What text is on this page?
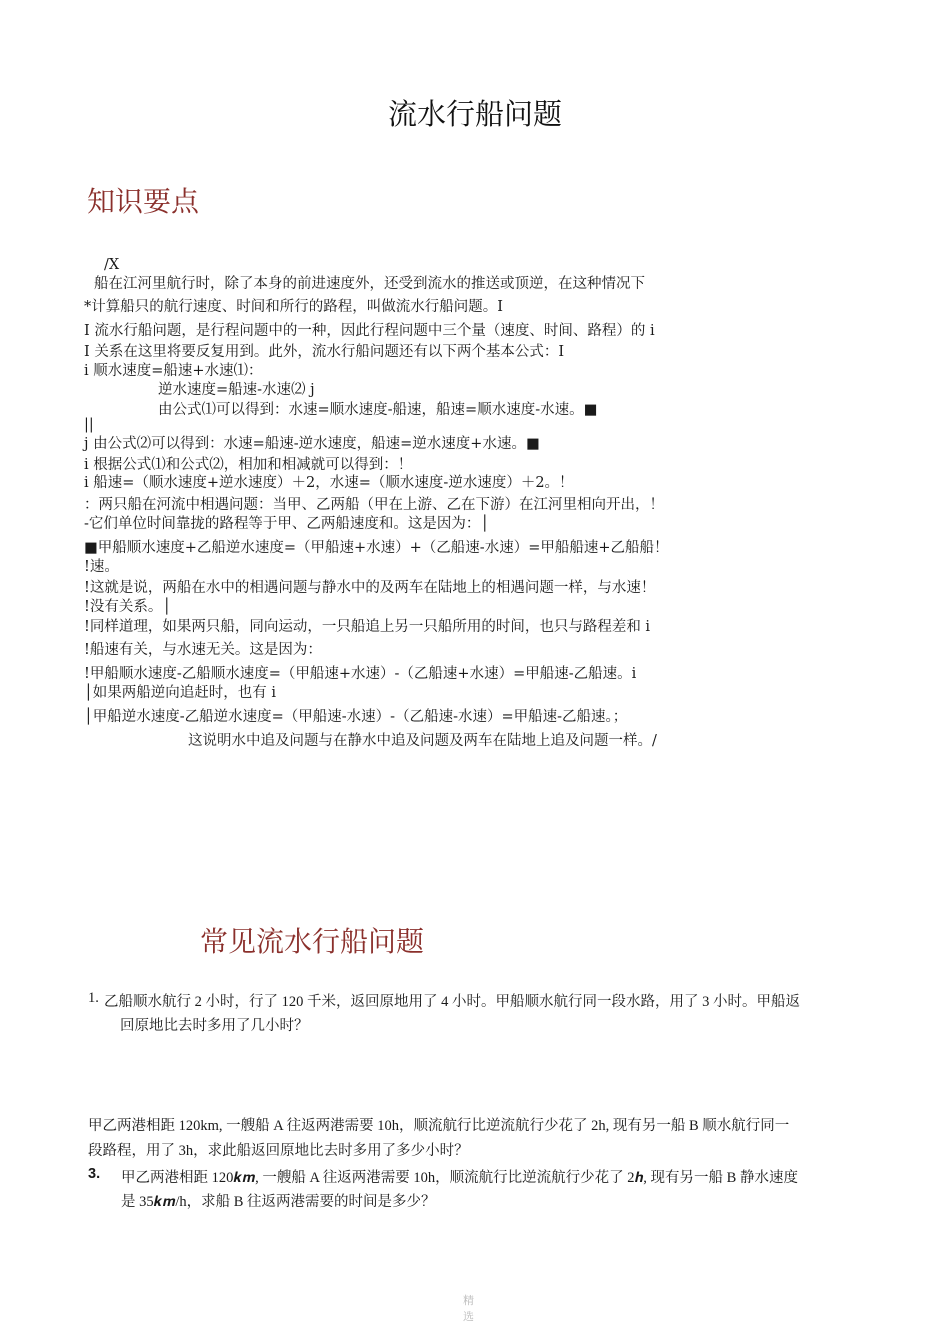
流水行船问题
知识要点
/X
船在江河里航行时，除了本身的前进速度外，还受到流水的推送或顶逆，在这种情况下
*计算船只的航行速度、时间和所行的路程，叫做流水行船问题。I
I 流水行船问题，是行程问题中的一种，因此行程问题中三个量（速度、时间、路程）的 i
I 关系在这里将要反复用到。此外，流水行船问题还有以下两个基本公式：I
i 顺水速度=船速+水速⑴：
逆水速度=船速-水速⑵ j
由公式⑴可以得到：水速=顺水速度-船速，船速=顺水速度-水速。■
||
j 由公式⑵可以得到：水速=船速-逆水速度，船速=逆水速度+水速。■
i 根据公式⑴和公式⑵，相加和相减就可以得到：！
i 船速=（顺水速度+逆水速度）＋2，水速=（顺水速度-逆水速度）＋2。！
：两只船在河流中相遇问题：当甲、乙两船（甲在上游、乙在下游）在江河里相向开出，！
-它们单位时间靠拢的路程等于甲、乙两船速度和。这是因为：│
■甲船顺水速度+乙船逆水速度=（甲船速+水速）+（乙船速-水速）=甲船船速+乙船船！
!速。
!这就是说，两船在水中的相遇问题与静水中的及两车在陆地上的相遇问题一样，与水速！
!没有关系。│
!同样道理，如果两只船，同向运动，一只船追上另一只船所用的时间，也只与路程差和 i
!船速有关，与水速无关。这是因为：
!甲船顺水速度-乙船顺水速度=（甲船速+水速）-（乙船速+水速）=甲船速-乙船速。i
│如果两船逆向追赶时，也有 i
│甲船逆水速度-乙船逆水速度=（甲船速-水速）-（乙船速-水速）=甲船速-乙船速。；
这说明水中追及问题与在静水中追及问题及两车在陆地上追及问题一样。/
常见流水行船问题
1. 乙船顺水航行 2 小时，行了 120 千米，返回原地用了 4 小时。甲船顺水航行同一段水路，用了 3 小时。甲船返
回原地比去时多用了几小时？
甲乙两港相距 120km, 一艘船 A 往返两港需要 10h，顺流航行比逆流航行少花了 2h, 现有另一船 B 顺水航行同一
段路程，用了 3h，求此船返回原地比去时多用了多少小时？
3. 甲乙两港相距 120𝒌𝒎, 一艘船 A 往返两港需要 10h，顺流航行比逆流航行少花了 2𝒉, 现有另一船 B 静水速度
是 35𝒌𝒎/h，求船 B 往返两港需要的时间是多少？
精
选
